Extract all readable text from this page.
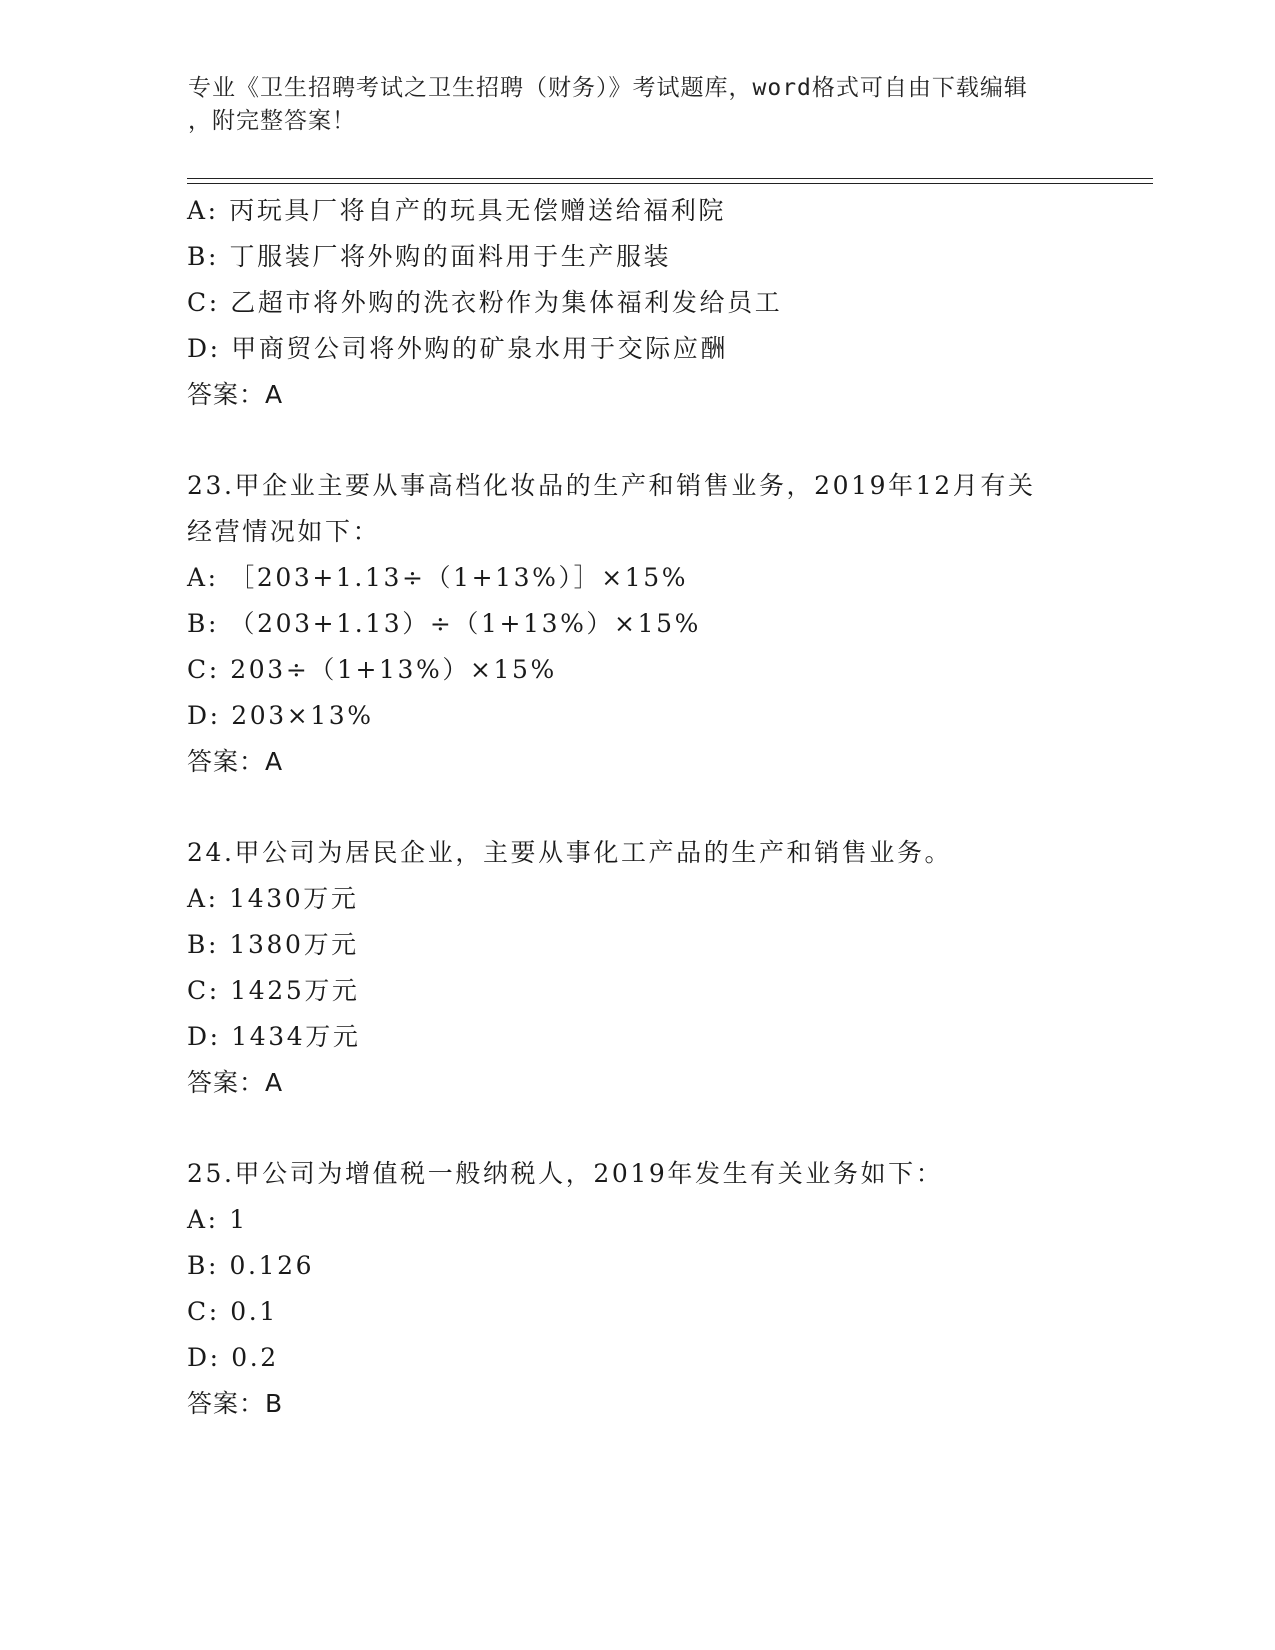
专业《卫生招聘考试之卫生招聘（财务）》考试题库，word格式可自由下载编辑
，附完整答案！
A: 丙玩具厂将自产的玩具无偿赠送给福利院
B: 丁服装厂将外购的面料用于生产服装
C: 乙超市将外购的洗衣粉作为集体福利发给员工
D: 甲商贸公司将外购的矿泉水用于交际应酬
答案：A
23.甲企业主要从事高档化妆品的生产和销售业务，2019年12月有关
经营情况如下：
A: ［203+1.13÷（1+13%）］×15%
B: （203+1.13）÷（1+13%）×15%
C: 203÷（1+13%）×15%
D: 203×13%
答案：A
24.甲公司为居民企业，主要从事化工产品的生产和销售业务。
A: 1430万元
B: 1380万元
C: 1425万元
D: 1434万元
答案：A
25.甲公司为增值税一般纳税人，2019年发生有关业务如下：
A: 1
B: 0.126
C: 0.1
D: 0.2
答案：B
